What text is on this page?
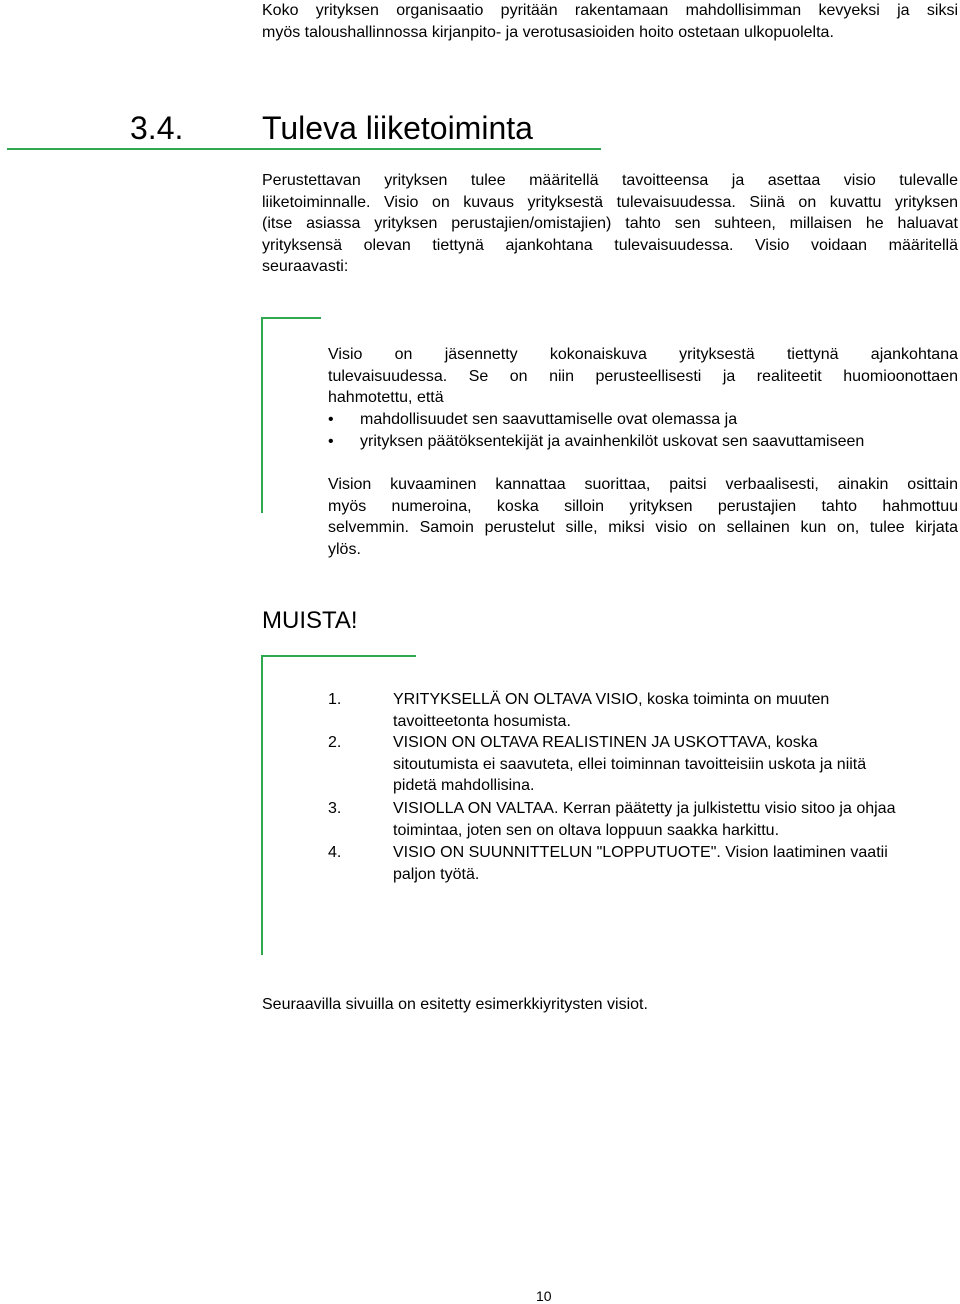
Koko yrityksen organisaatio pyritään rakentamaan mahdollisimman kevyeksi ja siksi
myös taloushallinnossa kirjanpito- ja verotusasioiden hoito ostetaan ulkopuolelta.
3.4. Tuleva liiketoiminta
Perustettavan yrityksen tulee määritellä tavoitteensa ja asettaa visio tulevalle
liiketoiminnalle. Visio on kuvaus yrityksestä tulevaisuudessa. Siinä on kuvattu yrityksen
(itse asiassa yrityksen perustajien/omistajien) tahto sen suhteen, millaisen he haluavat
yrityksensä olevan tiettynä ajankohtana tulevaisuudessa. Visio voidaan määritellä
seuraavasti:
Visio on jäsennetty kokonaiskuva yrityksestä tiettynä ajankohtana
tulevaisuudessa. Se on niin perusteellisesti ja realiteetit huomioonottaen
hahmotettu, että
• mahdollisuudet sen saavuttamiselle ovat olemassa ja
• yrityksen päätöksentekijät ja avainhenkilöt uskovat sen saavuttamiseen
Vision kuvaaminen kannattaa suorittaa, paitsi verbaalisesti, ainakin osittain
myös numeroina, koska silloin yrityksen perustajien tahto hahmottuu
selvemmin. Samoin perustelut sille, miksi visio on sellainen kun on, tulee kirjata
ylös.
MUISTA!
1.	YRITYKSELLÄ ON OLTAVA VISIO, koska toiminta on muuten
tavoitteetonta hosumista.
2.	VISION ON OLTAVA REALISTINEN JA USKOTTAVA, koska
sitoutumista ei saavuteta, ellei toiminnan tavoitteisiin uskota ja niitä
pidetä mahdollisina.
3.	VISIOLLA ON VALTAA. Kerran päätetty ja julkistettu visio sitoo ja ohjaa
toimintaa, joten sen on oltava loppuun saakka harkittu.
4.	VISIO ON SUUNNITTELUN "LOPPUTUOTE". Vision laatiminen vaatii
paljon työtä.
Seuraavilla sivuilla on esitetty esimerkkiyritysten visiot.
10
